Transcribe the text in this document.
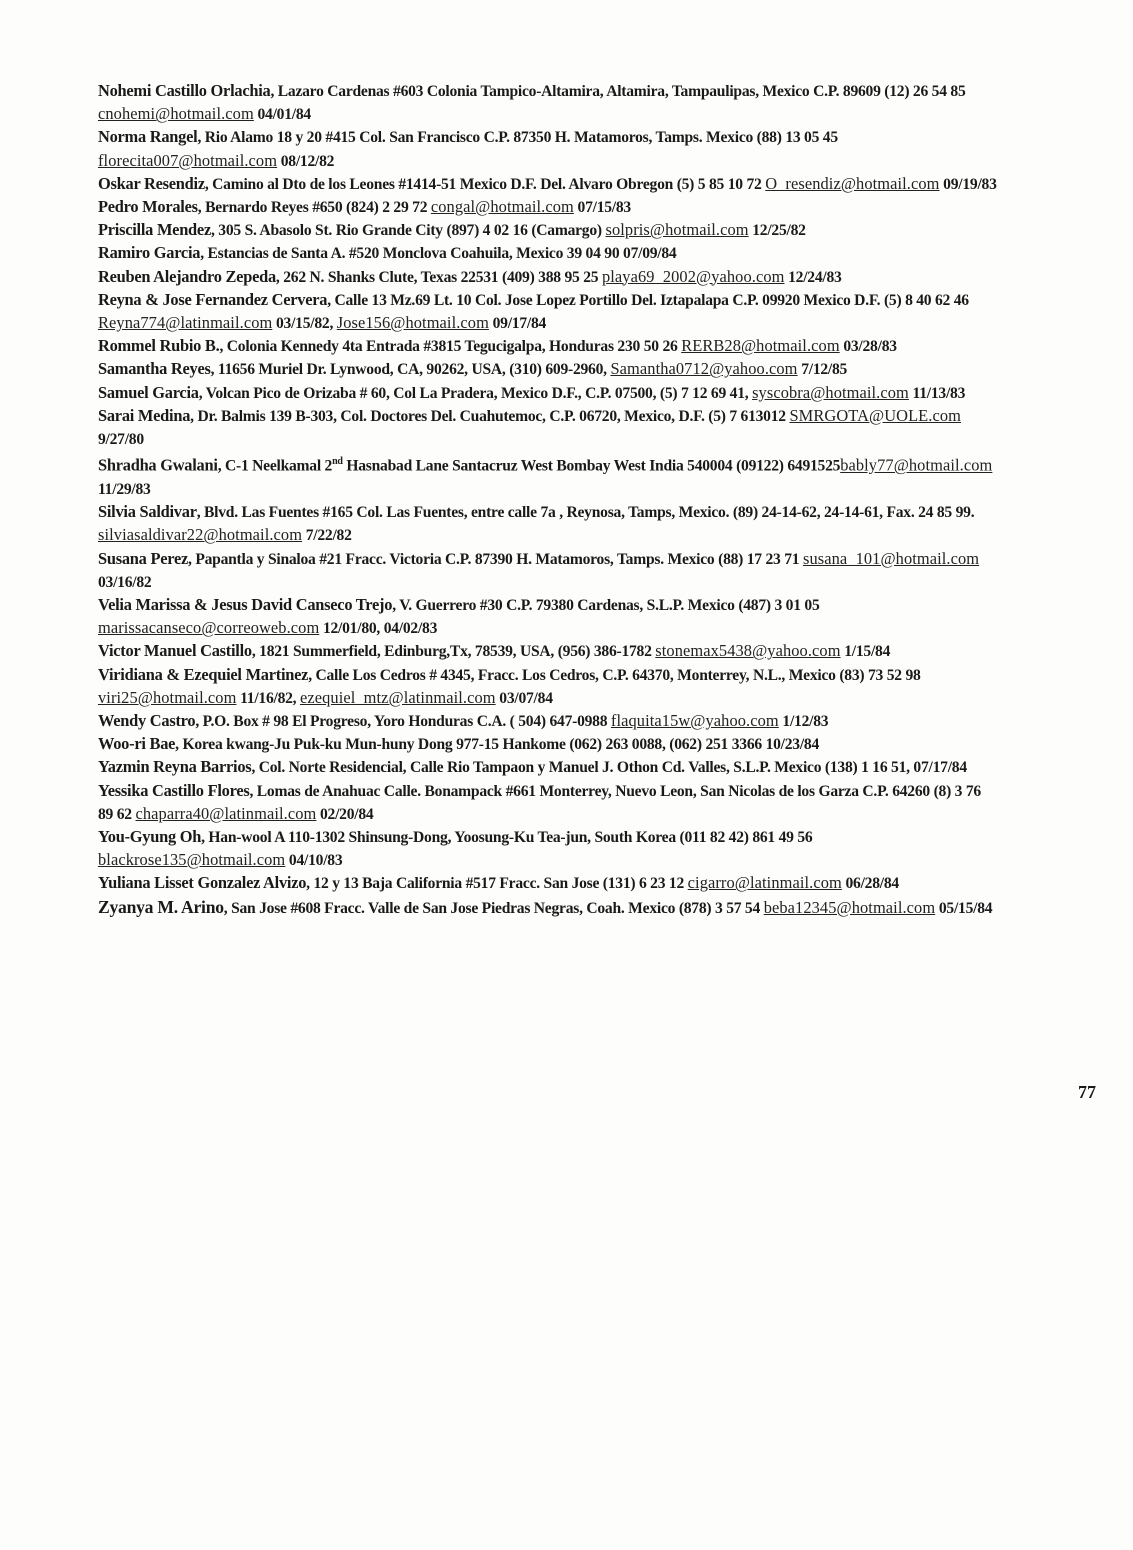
Nohemi Castillo Orlachia, Lazaro Cardenas #603 Colonia Tampico-Altamira, Altamira, Tampaulipas, Mexico C.P. 89609 (12) 26 54 85 cnohemi@hotmail.com 04/01/84

Norma Rangel, Rio Alamo 18 y 20 #415 Col. San Francisco C.P. 87350 H. Matamoros, Tamps. Mexico (88) 13 05 45 florecita007@hotmail.com 08/12/82

Oskar Resendiz, Camino al Dto de los Leones #1414-51 Mexico D.F. Del. Alvaro Obregon (5) 5 85 10 72 O_resendiz@hotmail.com 09/19/83

Pedro Morales, Bernardo Reyes #650 (824) 2 29 72 congal@hotmail.com 07/15/83

Priscilla Mendez, 305 S. Abasolo St. Rio Grande City (897) 4 02 16 (Camargo) solpris@hotmail.com 12/25/82

Ramiro Garcia, Estancias de Santa A. #520 Monclova Coahuila, Mexico 39 04 90 07/09/84

Reuben Alejandro Zepeda, 262 N. Shanks Clute, Texas 22531 (409) 388 95 25 playa69_2002@yahoo.com 12/24/83

Reyna & Jose Fernandez Cervera, Calle 13 Mz.69 Lt. 10 Col. Jose Lopez Portillo Del. Iztapalapa C.P. 09920 Mexico D.F. (5) 8 40 62 46 Reyna774@latinmail.com 03/15/82, Jose156@hotmail.com 09/17/84

Rommel Rubio B., Colonia Kennedy 4ta Entrada #3815 Tegucigalpa, Honduras 230 50 26 RERB28@hotmail.com 03/28/83

Samantha Reyes, 11656 Muriel Dr. Lynwood, CA, 90262, USA, (310) 609-2960, Samantha0712@yahoo.com 7/12/85

Samuel Garcia, Volcan Pico de Orizaba # 60, Col La Pradera, Mexico D.F., C.P. 07500, (5) 7 12 69 41, syscobra@hotmail.com 11/13/83

Sarai Medina, Dr. Balmis 139 B-303, Col. Doctores Del. Cuahutemoc, C.P. 06720, Mexico, D.F. (5) 7 613012 SMRGOTA@UOLE.com 9/27/80

Shradha Gwalani, C-1 Neelkamal 2nd Hasnabad Lane Santacruz West Bombay West India 540004 (09122) 6491525bably77@hotmail.com 11/29/83

Silvia Saldivar, Blvd. Las Fuentes #165 Col. Las Fuentes, entre calle 7a , Reynosa, Tamps, Mexico. (89) 24-14-62, 24-14-61, Fax. 24 85 99. silviasaldivar22@hotmail.com 7/22/82

Susana Perez, Papantla y Sinaloa #21 Fracc. Victoria C.P. 87390 H. Matamoros, Tamps. Mexico (88) 17 23 71 susana_101@hotmail.com 03/16/82

Velia Marissa & Jesus David Canseco Trejo, V. Guerrero #30 C.P. 79380 Cardenas, S.L.P. Mexico (487) 3 01 05 marissacanseco@correoweb.com 12/01/80, 04/02/83

Victor Manuel Castillo, 1821 Summerfield, Edinburg,Tx, 78539, USA, (956) 386-1782 stonemax5438@yahoo.com 1/15/84

Viridiana & Ezequiel Martinez, Calle Los Cedros # 4345, Fracc. Los Cedros, C.P. 64370, Monterrey, N.L., Mexico (83) 73 52 98 viri25@hotmail.com 11/16/82, ezequiel_mtz@latinmail.com 03/07/84

Wendy Castro, P.O. Box # 98 El Progreso, Yoro Honduras C.A. ( 504) 647-0988 flaquita15w@yahoo.com 1/12/83

Woo-ri Bae, Korea kwang-Ju Puk-ku Mun-huny Dong 977-15 Hankome (062) 263 0088, (062) 251 3366 10/23/84

Yazmin Reyna Barrios, Col. Norte Residencial, Calle Rio Tampaon y Manuel J. Othon Cd. Valles, S.L.P. Mexico (138) 1 16 51, 07/17/84

Yessika Castillo Flores, Lomas de Anahuac Calle. Bonampack #661 Monterrey, Nuevo Leon, San Nicolas de los Garza C.P. 64260 (8) 3 76 89 62 chaparra40@latinmail.com 02/20/84

You-Gyung Oh, Han-wool A 110-1302 Shinsung-Dong, Yoosung-Ku Tea-jun, South Korea (011 82 42) 861 49 56 blackrose135@hotmail.com 04/10/83

Yuliana Lisset Gonzalez Alvizo, 12 y 13 Baja California #517 Fracc. San Jose (131) 6 23 12 cigarro@latinmail.com 06/28/84

Zyanya M. Arino, San Jose #608 Fracc. Valle de San Jose Piedras Negras, Coah. Mexico (878) 3 57 54 beba12345@hotmail.com 05/15/84

77
